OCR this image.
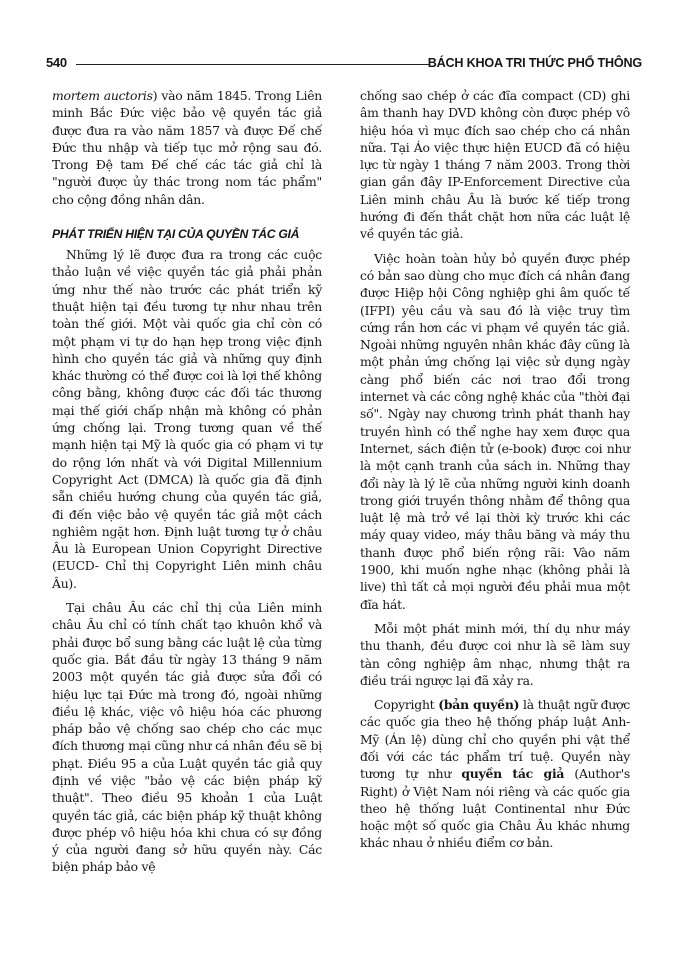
540	BÁCH KHOA TRI THỨC PHỔ THÔNG

mortem auctoris) vào năm 1845. Trong Liên minh Bắc Đức việc bảo vệ quyền tác giả được đưa ra vào năm 1857 và được Đế chế Đức thu nhập và tiếp tục mở rộng sau đó. Trong Đệ tam Đế chế các tác giả chỉ là "người được ủy thác trong nom tác phẩm" cho cộng đồng nhân dân.

PHÁT TRIỂN HIỆN TẠI CỦA QUYỀN TÁC GIẢ

Những lý lẽ được đưa ra trong các cuộc thảo luận về việc quyền tác giả phải phản ứng như thế nào trước các phát triển kỹ thuật hiện tại đều tương tự như nhau trên toàn thế giới. Một vài quốc gia chỉ còn có một phạm vi tự do hạn hẹp trong việc định hình cho quyền tác giả và những quy định khác thường có thể được coi là lợi thế không công bằng, không được các đối tác thương mại thế giới chấp nhận mà không có phản ứng chống lại. Trong tương quan về thế mạnh hiện tại Mỹ là quốc gia có phạm vi tự do rộng lớn nhất và với Digital Millennium Copyright Act (DMCA) là quốc gia đã định sẵn chiều hướng chung của quyền tác giả, đi đến việc bảo vệ quyền tác giả một cách nghiêm ngặt hơn. Định luật tương tự ở châu Âu là European Union Copyright Directive (EUCD- Chỉ thị Copyright Liên minh châu Âu).

Tại châu Âu các chỉ thị của Liên minh châu Âu chỉ có tính chất tạo khuôn khổ và phải được bổ sung bằng các luật lệ của từng quốc gia. Bắt đầu từ ngày 13 tháng 9 năm 2003 một quyền tác giả được sửa đổi có hiệu lực tại Đức mà trong đó, ngoài những điều lệ khác, việc vô hiệu hóa các phương pháp bảo vệ chống sao chép cho các mục đích thương mại cũng như cá nhân đều sẽ bị phạt. Điều 95 a của Luật quyền tác giả quy định về việc "bảo vệ các biện pháp kỹ thuật". Theo điều 95 khoản 1 của Luật quyền tác giả, các biện pháp kỹ thuật không được phép vô hiệu hóa khi chưa có sự đồng ý của người đang sở hữu quyền này. Các biện pháp bảo vệ

chống sao chép ở các đĩa compact (CD) ghi âm thanh hay DVD không còn được phép vô hiệu hóa vì mục đích sao chép cho cá nhân nữa. Tại Áo việc thực hiện EUCD đã có hiệu lực từ ngày 1 tháng 7 năm 2003. Trong thời gian gần đây IP-Enforcement Directive của Liên minh châu Âu là bước kế tiếp trong hướng đi đến thắt chặt hơn nữa các luật lệ về quyền tác giả.

Việc hoàn toàn hủy bỏ quyền được phép có bản sao dùng cho mục đích cá nhân đang được Hiệp hội Công nghiệp ghi âm quốc tế (IFPI) yêu cầu và sau đó là việc truy tìm cứng rắn hơn các vi phạm về quyền tác giả. Ngoài những nguyên nhân khác đây cũng là một phản ứng chống lại việc sử dụng ngày càng phổ biến các nơi trao đổi trong internet và các công nghệ khác của "thời đại số". Ngày nay chương trình phát thanh hay truyền hình có thể nghe hay xem được qua Internet, sách điện tử (e-book) được coi như là một cạnh tranh của sách in. Những thay đổi này là lý lẽ của những người kinh doanh trong giới truyền thông nhằm để thông qua luật lệ mà trở về lại thời kỳ trước khi các máy quay video, máy thâu băng và máy thu thanh được phổ biến rộng rãi: Vào năm 1900, khi muốn nghe nhạc (không phải là live) thì tất cả mọi người đều phải mua một đĩa hát.

Mỗi một phát minh mới, thí dụ như máy thu thanh, đều được coi như là sẽ làm suy tàn công nghiệp âm nhạc, nhưng thật ra điều trái ngược lại đã xảy ra.

Copyright (bản quyền) là thuật ngữ được các quốc gia theo hệ thống pháp luật Anh-Mỹ (Án lệ) dùng chỉ cho quyền phi vật thể đối với các tác phẩm trí tuệ. Quyền này tương tự như quyền tác giả (Author's Right) ở Việt Nam nói riêng và các quốc gia theo hệ thống luật Continental như Đức hoặc một số quốc gia Châu Âu khác nhưng khác nhau ở nhiều điểm cơ bản.
